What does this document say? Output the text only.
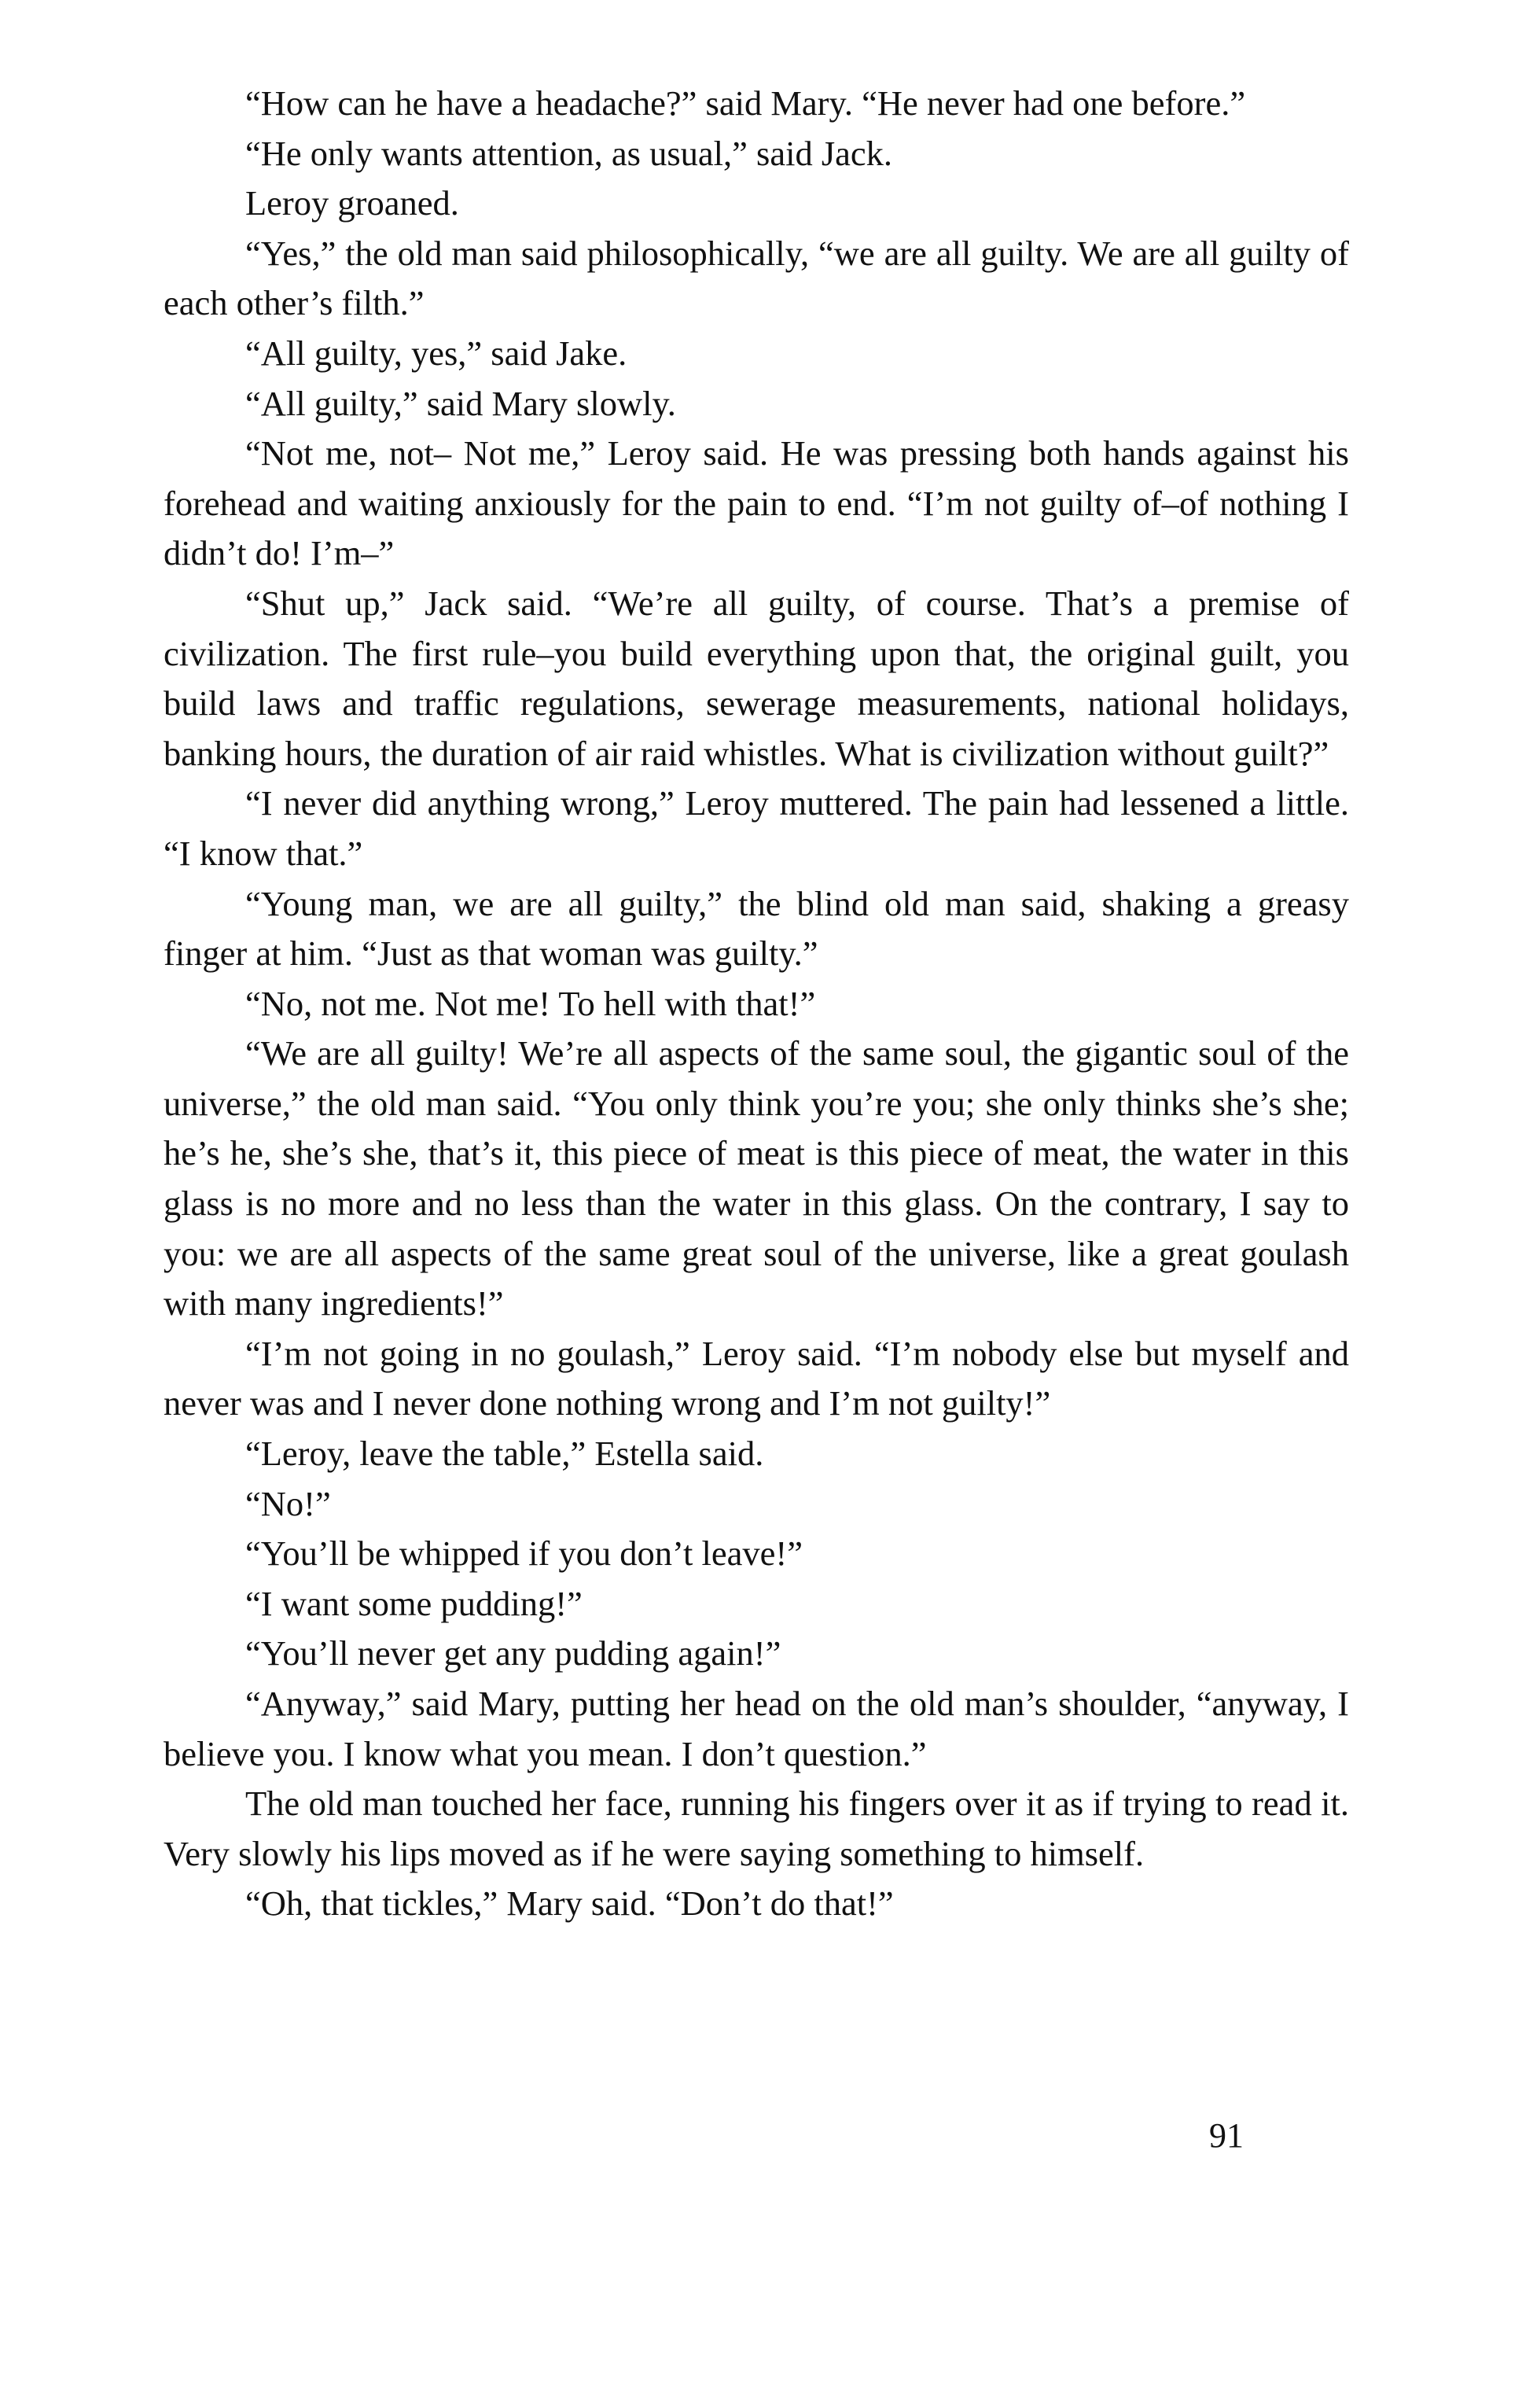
“How can he have a headache?” said Mary. “He never had one before.”

“He only wants attention, as usual,” said Jack.

Leroy groaned.

“Yes,” the old man said philosophically, “we are all guilty. We are all guilty of each other’s filth.”

“All guilty, yes,” said Jake.

“All guilty,” said Mary slowly.

“Not me, not– Not me,” Leroy said. He was pressing both hands against his forehead and waiting anxiously for the pain to end. “I’m not guilty of–of nothing I didn’t do! I’m–”

“Shut up,” Jack said. “We’re all guilty, of course. That’s a premise of civilization. The first rule–you build everything upon that, the original guilt, you build laws and traffic regulations, sewerage measurements, national holidays, banking hours, the duration of air raid whistles. What is civilization without guilt?”

“I never did anything wrong,” Leroy muttered. The pain had lessened a little. “I know that.”

“Young man, we are all guilty,” the blind old man said, shaking a greasy finger at him. “Just as that woman was guilty.”

“No, not me. Not me! To hell with that!”

“We are all guilty! We’re all aspects of the same soul, the gigantic soul of the universe,” the old man said. “You only think you’re you; she only thinks she’s she; he’s he, she’s she, that’s it, this piece of meat is this piece of meat, the water in this glass is no more and no less than the water in this glass. On the contrary, I say to you: we are all aspects of the same great soul of the universe, like a great goulash with many ingredients!”

“I’m not going in no goulash,” Leroy said. “I’m nobody else but myself and never was and I never done nothing wrong and I’m not guilty!”

“Leroy, leave the table,” Estella said.

“No!”

“You’ll be whipped if you don’t leave!”

“I want some pudding!”

“You’ll never get any pudding again!”

“Anyway,” said Mary, putting her head on the old man’s shoulder, “anyway, I believe you. I know what you mean. I don’t question.”

The old man touched her face, running his fingers over it as if trying to read it. Very slowly his lips moved as if he were saying something to himself.

“Oh, that tickles,” Mary said. “Don’t do that!”

91
